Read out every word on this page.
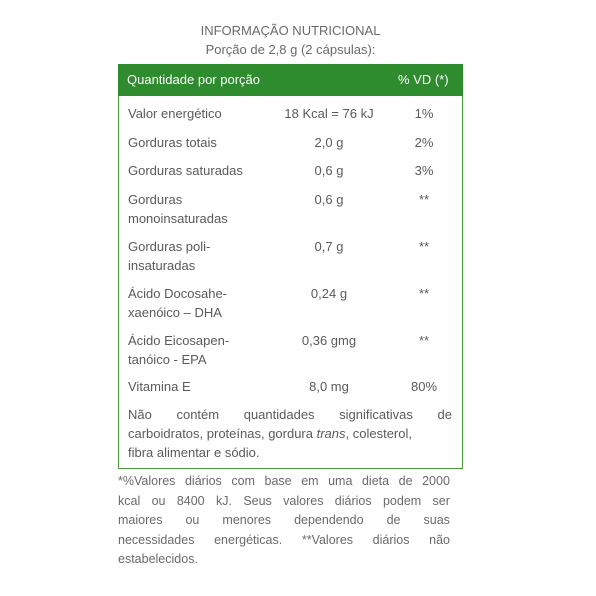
INFORMAÇÃO NUTRICIONAL
Porção de 2,8 g (2 cápsulas):
Quantidade por porção	% VD (*)
Valor energético	18 Kcal = 76 kJ	1%
Gorduras totais	2,0 g	2%
Gorduras saturadas	0,6 g	3%
Gorduras
monoinsaturadas
0,6 g	**
Gorduras poli-
insaturadas
0,7 g	**
Ácido Docosahe-
xaenóico – DHA
0,24 g	**
Ácido Eicosapen-
tanóico - EPA
0,36 gmg	**
Vitamina E	8,0 mg	80%
Não contém quantidades significativas de
carboidratos, proteínas, gordura trans, colesterol,
fibra alimentar e sódio.
*%Valores diários com base em uma dieta de 2000
kcal ou 8400 kJ. Seus valores diários podem ser
maiores ou menores dependendo de suas
necessidades energéticas. **Valores diários não
estabelecidos.
